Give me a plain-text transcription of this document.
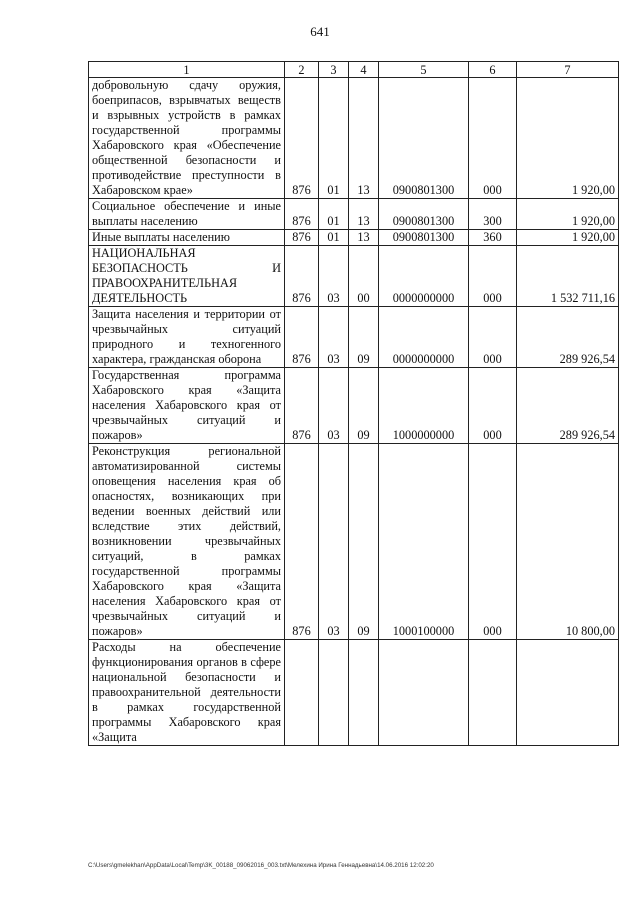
641
1	2	3	4	5	6	7
добровольную сдачу оружия, боеприпасов, взрывчатых веществ и взрывных устройств в рамках государственной программы Хабаровского края «Обеспечение общественной безопасности и противодействие преступности в Хабаровском крае»	876	01	13	0900801300	000	1 920,00
Социальное обеспечение и иные выплаты населению	876	01	13	0900801300	300	1 920,00
Иные выплаты населению	876	01	13	0900801300	360	1 920,00
НАЦИОНАЛЬНАЯ БЕЗОПАСНОСТЬ И ПРАВООХРАНИТЕЛЬНАЯ ДЕЯТЕЛЬНОСТЬ	876	03	00	0000000000	000	1 532 711,16
Защита населения и территории от чрезвычайных ситуаций природного и техногенного характера, гражданская оборона	876	03	09	0000000000	000	289 926,54
Государственная программа Хабаровского края «Защита населения Хабаровского края от чрезвычайных ситуаций и пожаров»	876	03	09	1000000000	000	289 926,54
Реконструкция региональной автоматизированной системы оповещения населения края об опасностях, возникающих при ведении военных действий или вследствие этих действий, возникновении чрезвычайных ситуаций, в рамках государственной программы Хабаровского края «Защита населения Хабаровского края от чрезвычайных ситуаций и пожаров»	876	03	09	1000100000	000	10 800,00
Расходы на обеспечение функционирования органов в сфере национальной безопасности и правоохранительной деятельности в рамках государственной программы Хабаровского края «Защита						
C:\Users\gmelekhan\AppData\Local\Temp\3K_00188_09062016_003.txt\Мелехина Ирина Геннадьевна\14.06.2016 12:02:20
